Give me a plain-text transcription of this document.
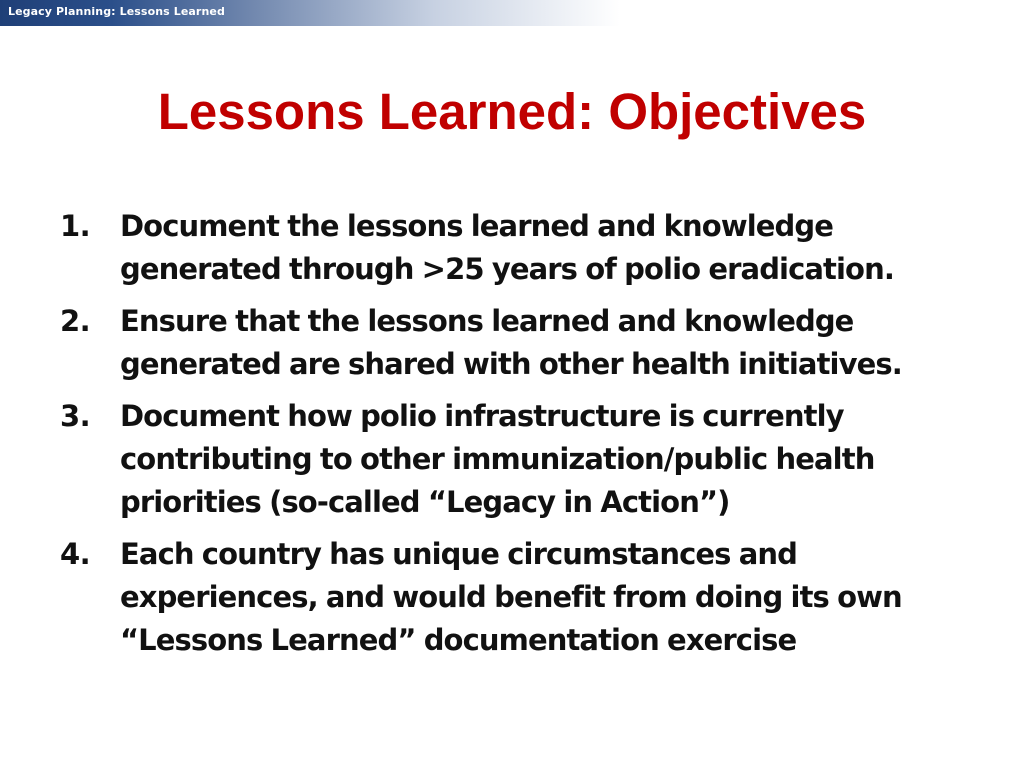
Legacy Planning: Lessons Learned
Lessons Learned: Objectives
1.	Document the lessons learned and knowledge generated through >25 years of polio eradication.
2.	Ensure that the lessons learned and knowledge generated are shared with other health initiatives.
3.	Document how polio infrastructure is currently contributing to other immunization/public health priorities (so-called “Legacy in Action”)
4.	Each country has unique circumstances and experiences, and would benefit from doing its own “Lessons Learned” documentation exercise
